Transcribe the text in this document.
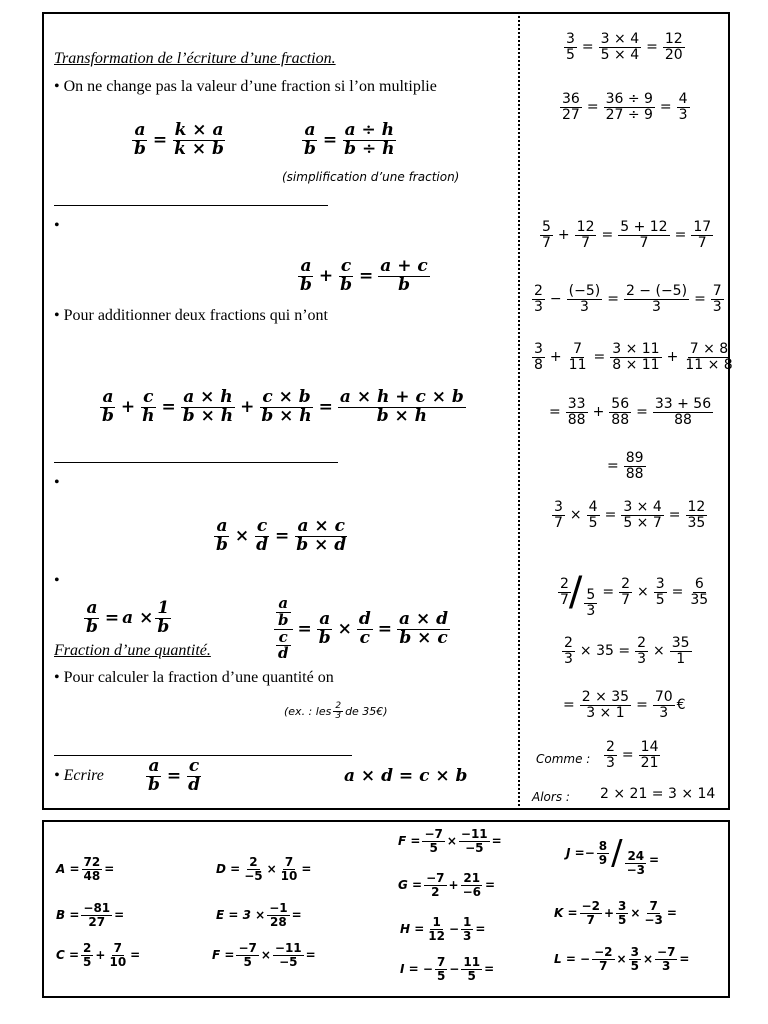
Transformation de l’écriture d’une fraction.
• On ne change pas la valeur d’une fraction si l’on multiplie
$\frac{a}{b} = \frac{k \times a}{k \times b}$	$\frac{a}{b} = \frac{a \div h}{b \div h}$
(simplification d’une fraction)
•
$\frac{a}{b} + \frac{c}{b} = \frac{a + c}{b}$
• Pour additionner deux fractions qui n’ont
$\frac{a}{b} + \frac{c}{h} = \frac{a \times h}{b \times h} + \frac{c \times b}{b \times h} = \frac{a \times h + c \times b}{b \times h}$
•
$\frac{a}{b} \times \frac{c}{d} = \frac{a \times c}{b \times d}$
•
$\frac{a}{b} = a \times \frac{1}{b}$	$\frac{\frac{a}{b}}{\frac{c}{d}} = \frac{a}{b} \times \frac{d}{c} = \frac{a \times d}{b \times c}$
Fraction d’une quantité.
• Pour calculer la fraction d’une quantité on
(ex. : les $\frac{2}{3}$ de 35€)
• Ecrire $\frac{a}{b} = \frac{c}{d}$	a × d = c × b
$\frac{3}{5} = \frac{3 \times 4}{5 \times 4} = \frac{12}{20}$
$\frac{36}{27} = \frac{36 \div 9}{27 \div 9} = \frac{4}{3}$
$\frac{5}{7} + \frac{12}{7} = \frac{5 + 12}{7} = \frac{17}{7}$
$\frac{2}{3} - \frac{(-5)}{3} = \frac{2 - (-5)}{3} = \frac{7}{3}$
$\frac{3}{8} + \frac{7}{11} = \frac{3 \times 11}{8 \times 11} + \frac{7 \times 8}{11 \times 8}$
= $\frac{33}{88} + \frac{56}{88} = \frac{33 + 56}{88}$
= $\frac{89}{88}$
$\frac{3}{7} \times \frac{4}{5} = \frac{3 \times 4}{5 \times 7} = \frac{12}{35}$
$\frac{2}{7}$
/ $\frac{5}{3} = \frac{2}{7} \times \frac{3}{5} = \frac{6}{35}$
$\frac{2}{3} \times 35 = \frac{2}{3} \times \frac{35}{1}$
= $\frac{2 \times 35}{3 \times 1} = \frac{70}{3}$ €
Comme : $\frac{2}{3} = \frac{14}{21}$
Alors : 2 × 21 = 3 × 14
$A = \frac{72}{48}$ =
$B = \frac{-81}{27}$ =
$C = \frac{2}{5} + \frac{7}{10}$ =
$D = \frac{2}{-5} \times \frac{7}{10}$ =
$E = 3 \times \frac{-1}{28}$ =
$F = \frac{-7}{5} \times \frac{-11}{-5}$ =
$F = \frac{-7}{5} \times \frac{-11}{-5}$ =
$G = \frac{-7}{2} + \frac{21}{-6}$ =
$H = \frac{1}{12} - \frac{1}{3}$ =
I = − $\frac{7}{5} - \frac{11}{5}$ =
J = − $\frac{8}{9} / \frac{24}{-3}$ =
$K = \frac{-2}{7} + \frac{3}{5} \times \frac{7}{-3}$ =
L = − $\frac{-2}{7} \times \frac{3}{5} \times \frac{-7}{3}$ =
